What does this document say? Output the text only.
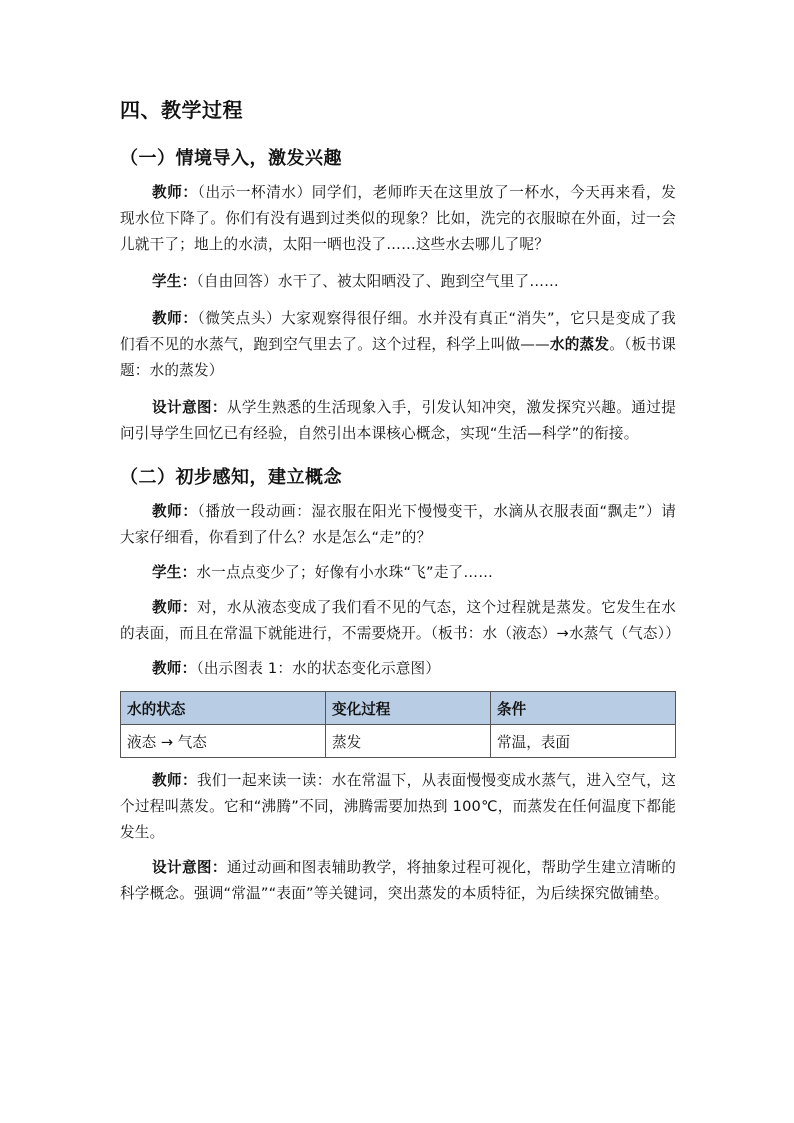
四、教学过程
（一）情境导入，激发兴趣

教师：（出示一杯清水）同学们，老师昨天在这里放了一杯水，今天再来看，发现水位下降了。你们有没有遇到过类似的现象？比如，洗完的衣服晾在外面，过一会儿就干了；地上的水渍，太阳一晒也没了……这些水去哪儿了呢？

学生：（自由回答）水干了、被太阳晒没了、跑到空气里了……

教师：（微笑点头）大家观察得很仔细。水并没有真正“消失”，它只是变成了我们看不见的水蒸气，跑到空气里去了。这个过程，科学上叫做——水的蒸发。（板书课题：水的蒸发）

设计意图：从学生熟悉的生活现象入手，引发认知冲突，激发探究兴趣。通过提问引导学生回忆已有经验，自然引出本课核心概念，实现“生活—科学”的衔接。

（二）初步感知，建立概念

教师：（播放一段动画：湿衣服在阳光下慢慢变干，水滴从衣服表面“飘走”）请大家仔细看，你看到了什么？水是怎么“走”的？

学生：水一点点变少了；好像有小水珠“飞”走了……

教师：对，水从液态变成了我们看不见的气态，这个过程就是蒸发。它发生在水的表面，而且在常温下就能进行，不需要烧开。（板书：水（液态）→水蒸气（气态））

教师：（出示图表 1：水的状态变化示意图）

水的状态	变化过程	条件
液态 → 气态	蒸发	常温，表面

教师：我们一起来读一读：水在常温下，从表面慢慢变成水蒸气，进入空气，这个过程叫蒸发。它和“沸腾”不同，沸腾需要加热到 100℃，而蒸发在任何温度下都能发生。

设计意图：通过动画和图表辅助教学，将抽象过程可视化，帮助学生建立清晰的科学概念。强调“常温”“表面”等关键词，突出蒸发的本质特征，为后续探究做铺垫。
